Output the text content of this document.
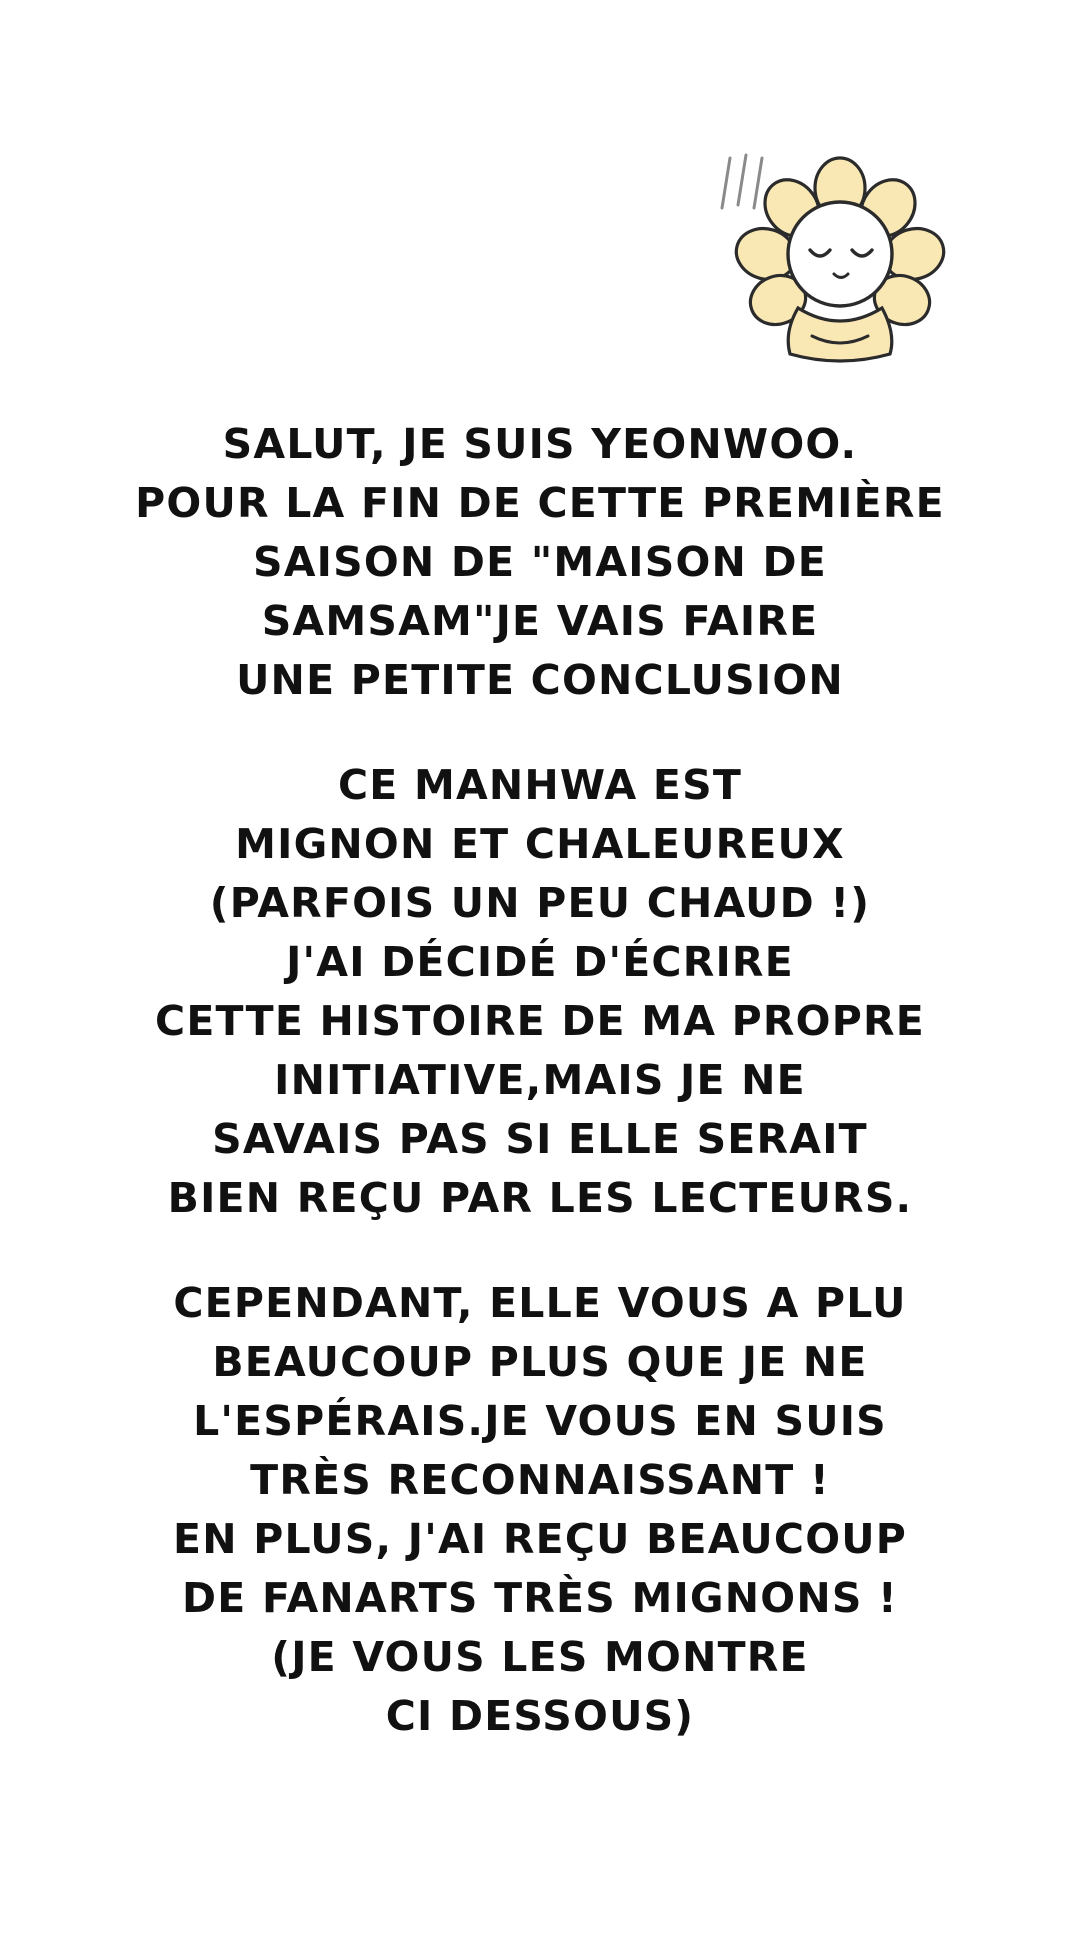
SALUT, JE SUIS YEONWOO.
POUR LA FIN DE CETTE PREMIÈRE
SAISON DE "MAISON DE
SAMSAM"JE VAIS FAIRE
UNE PETITE CONCLUSION
CE MANHWA EST
MIGNON ET CHALEUREUX
(PARFOIS UN PEU CHAUD !)
J'AI DÉCIDÉ D'ÉCRIRE
CETTE HISTOIRE DE MA PROPRE
INITIATIVE,MAIS JE NE
SAVAIS PAS SI ELLE SERAIT
BIEN REÇU PAR LES LECTEURS.
CEPENDANT, ELLE VOUS A PLU
BEAUCOUP PLUS QUE JE NE
L'ESPÉRAIS.JE VOUS EN SUIS
TRÈS RECONNAISSANT !
EN PLUS, J'AI REÇU BEAUCOUP
DE FANARTS TRÈS MIGNONS !
(JE VOUS LES MONTRE
CI DESSOUS)
